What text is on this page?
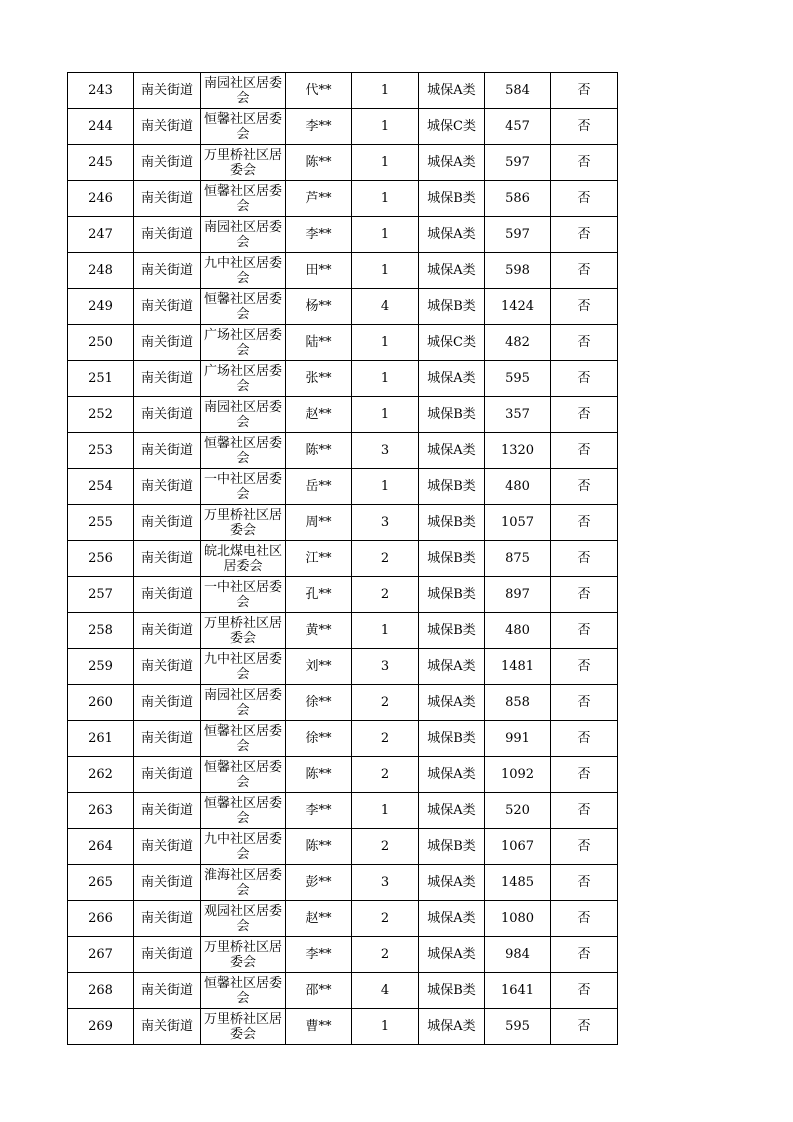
243	南关街道	南园社区居委会	代**	1	城保A类	584	否
244	南关街道	恒馨社区居委会	李**	1	城保C类	457	否
245	南关街道	万里桥社区居委会	陈**	1	城保A类	597	否
246	南关街道	恒馨社区居委会	芦**	1	城保B类	586	否
247	南关街道	南园社区居委会	李**	1	城保A类	597	否
248	南关街道	九中社区居委会	田**	1	城保A类	598	否
249	南关街道	恒馨社区居委会	杨**	4	城保B类	1424	否
250	南关街道	广场社区居委会	陆**	1	城保C类	482	否
251	南关街道	广场社区居委会	张**	1	城保A类	595	否
252	南关街道	南园社区居委会	赵**	1	城保B类	357	否
253	南关街道	恒馨社区居委会	陈**	3	城保A类	1320	否
254	南关街道	一中社区居委会	岳**	1	城保B类	480	否
255	南关街道	万里桥社区居委会	周**	3	城保B类	1057	否
256	南关街道	皖北煤电社区居委会	江**	2	城保B类	875	否
257	南关街道	一中社区居委会	孔**	2	城保B类	897	否
258	南关街道	万里桥社区居委会	黄**	1	城保B类	480	否
259	南关街道	九中社区居委会	刘**	3	城保A类	1481	否
260	南关街道	南园社区居委会	徐**	2	城保A类	858	否
261	南关街道	恒馨社区居委会	徐**	2	城保B类	991	否
262	南关街道	恒馨社区居委会	陈**	2	城保A类	1092	否
263	南关街道	恒馨社区居委会	李**	1	城保A类	520	否
264	南关街道	九中社区居委会	陈**	2	城保B类	1067	否
265	南关街道	淮海社区居委会	彭**	3	城保A类	1485	否
266	南关街道	观园社区居委会	赵**	2	城保A类	1080	否
267	南关街道	万里桥社区居委会	李**	2	城保A类	984	否
268	南关街道	恒馨社区居委会	邵**	4	城保B类	1641	否
269	南关街道	万里桥社区居委会	曹**	1	城保A类	595	否
